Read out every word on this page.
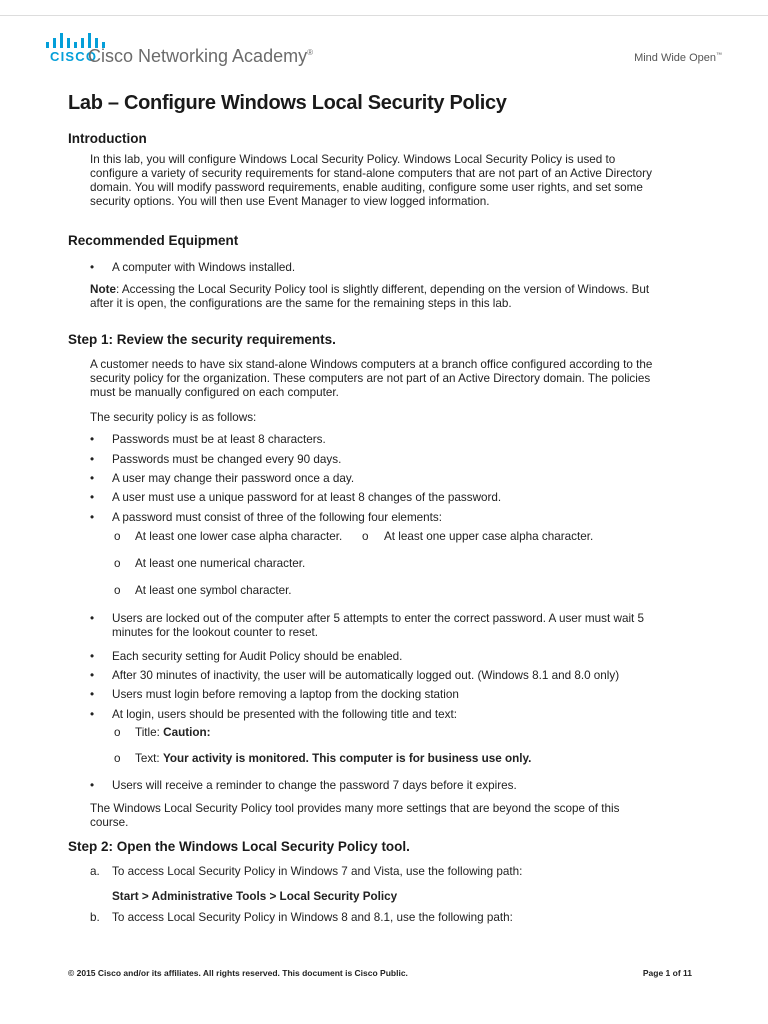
CISCO
Cisco Networking Academy®	Mind Wide Open™
Lab – Configure Windows Local Security Policy
Introduction
In this lab, you will configure Windows Local Security Policy. Windows Local Security Policy is used to
configure a variety of security requirements for stand-alone computers that are not part of an Active Directory
domain. You will modify password requirements, enable auditing, configure some user rights, and set some
security options. You will then use Event Manager to view logged information.
Recommended Equipment
• A computer with Windows installed.
Note: Accessing the Local Security Policy tool is slightly different, depending on the version of Windows. But
after it is open, the configurations are the same for the remaining steps in this lab.
Step 1: Review the security requirements.
A customer needs to have six stand-alone Windows computers at a branch office configured according to the
security policy for the organization. These computers are not part of an Active Directory domain. The policies
must be manually configured on each computer.
The security policy is as follows:
• Passwords must be at least 8 characters.
• Passwords must be changed every 90 days.
• A user may change their password once a day.
• A user must use a unique password for at least 8 changes of the password.
• A password must consist of three of the following four elements:
o At least one lower case alpha character. o At least one upper case alpha character.
o At least one numerical character.
o At least one symbol character.
• Users are locked out of the computer after 5 attempts to enter the correct password. A user must wait 5
minutes for the lookout counter to reset.
• Each security setting for Audit Policy should be enabled.
• After 30 minutes of inactivity, the user will be automatically logged out. (Windows 8.1 and 8.0 only)
• Users must login before removing a laptop from the docking station
• At login, users should be presented with the following title and text:
o Title: Caution:
o Text: Your activity is monitored. This computer is for business use only.
• Users will receive a reminder to change the password 7 days before it expires.
The Windows Local Security Policy tool provides many more settings that are beyond the scope of this
course.
Step 2: Open the Windows Local Security Policy tool.
a. To access Local Security Policy in Windows 7 and Vista, use the following path:
Start > Administrative Tools > Local Security Policy
b. To access Local Security Policy in Windows 8 and 8.1, use the following path:
© 2015 Cisco and/or its affiliates. All rights reserved. This document is Cisco Public.	Page 1 of 11
